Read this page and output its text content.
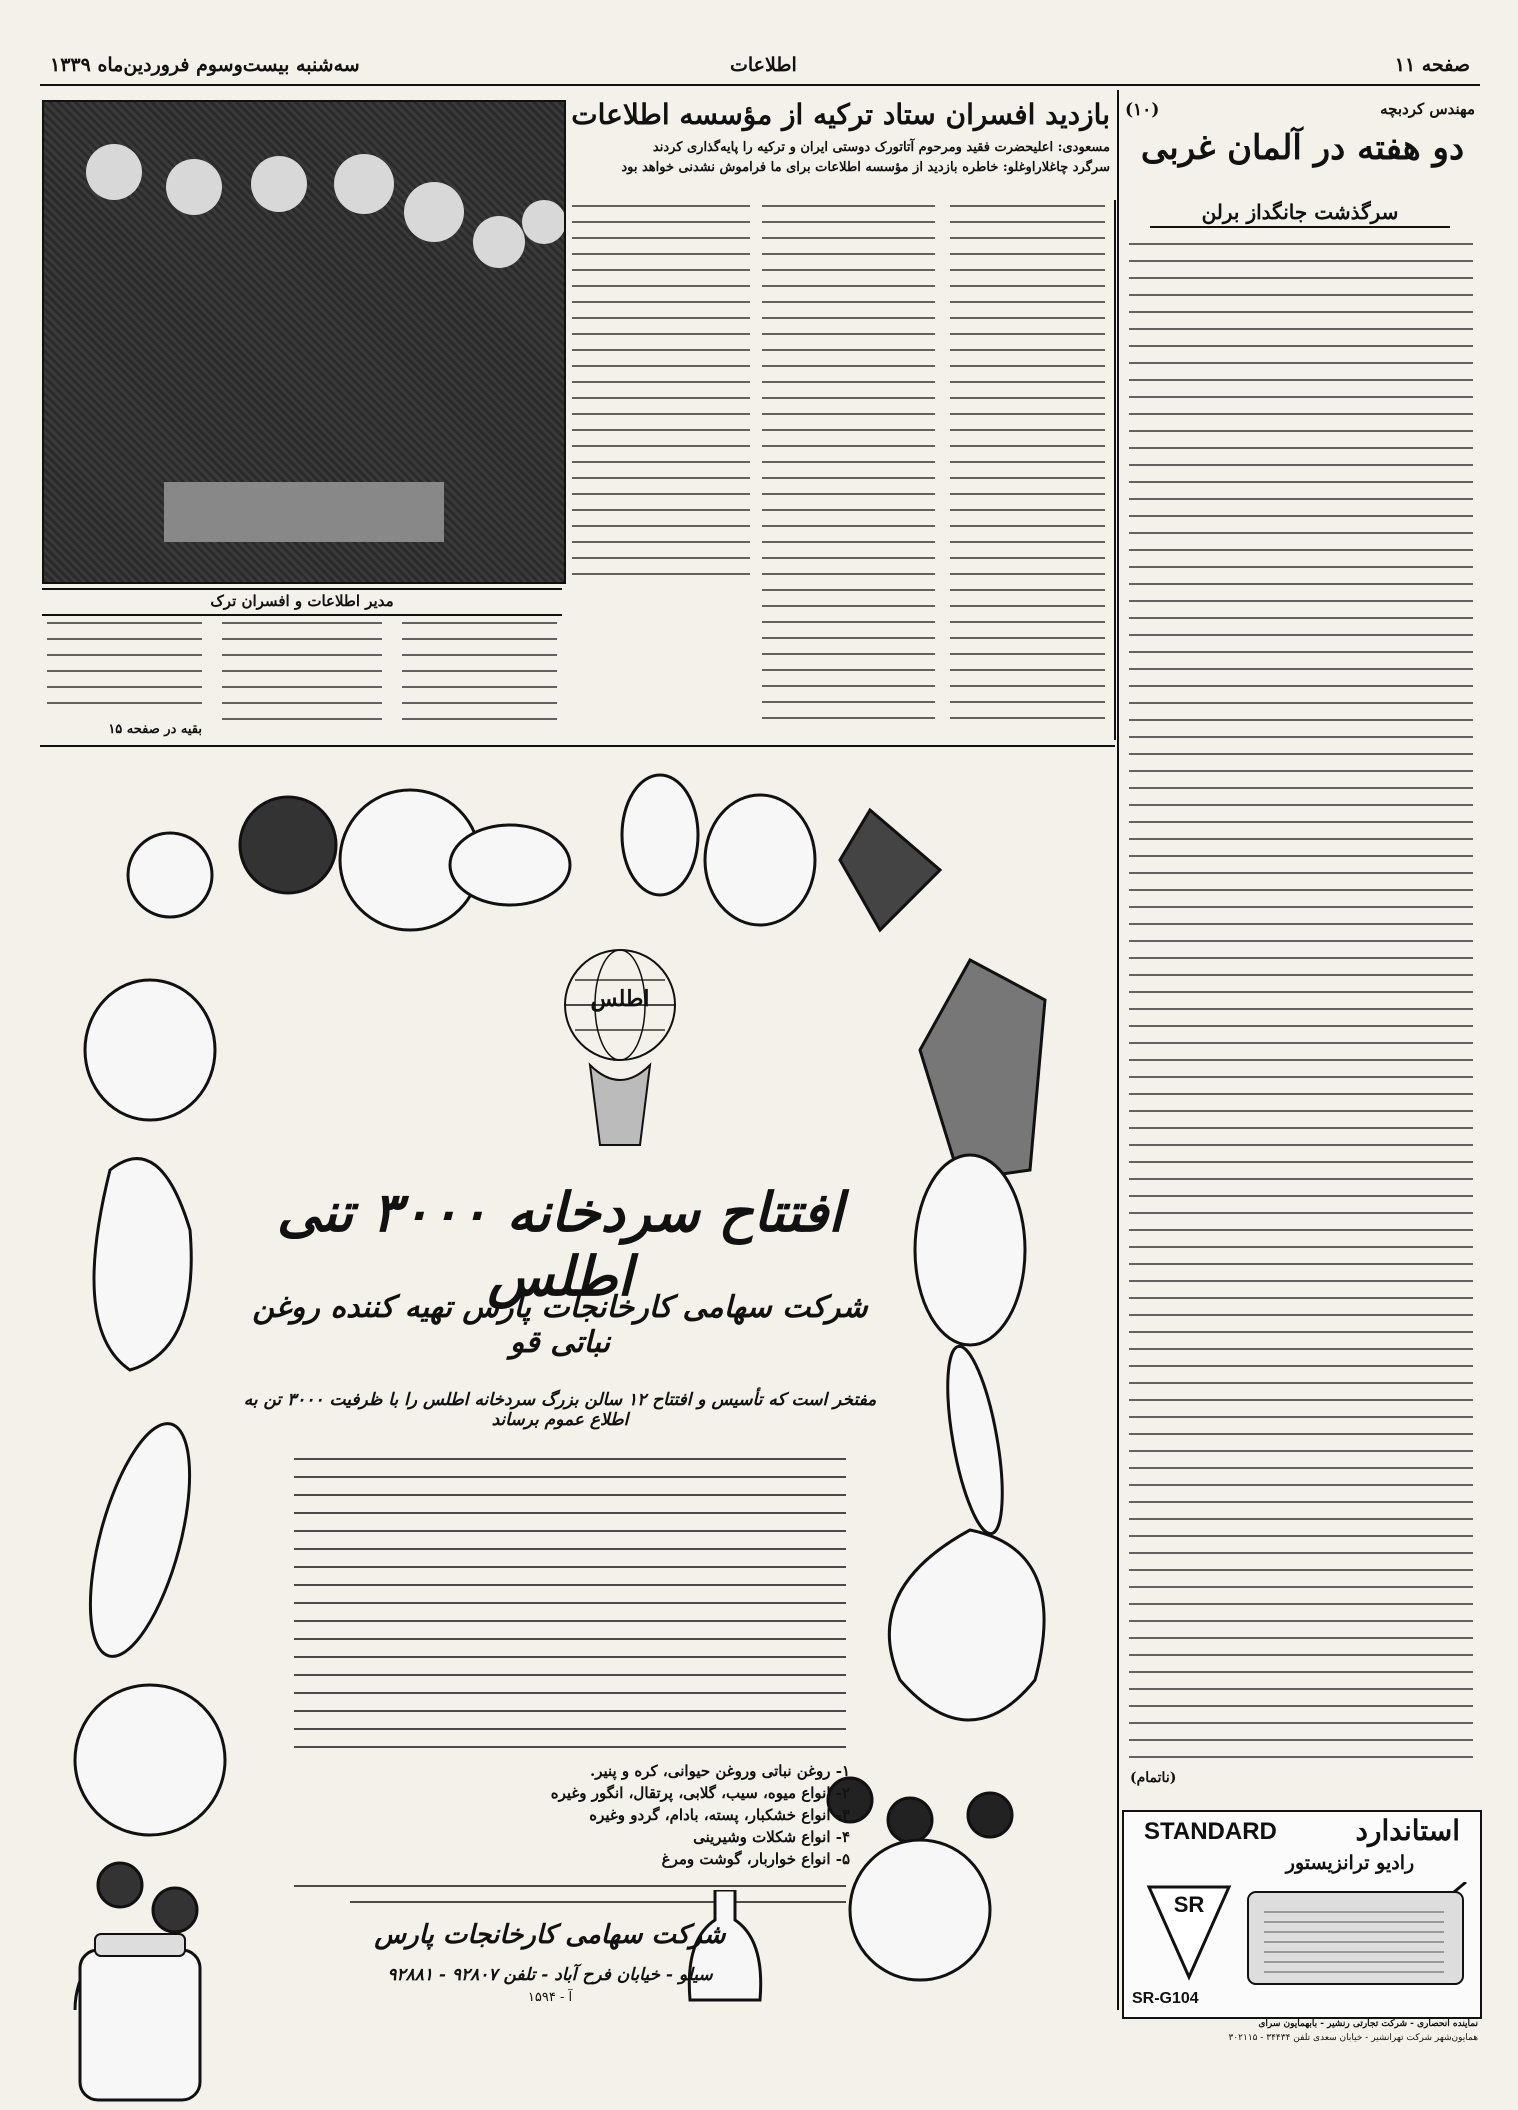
صفحه ۱۱
اطلاعات
سه‌شنبه بیست‌وسوم فروردین‌ماه ۱۳۳۹
مدیر اطلاعات و افسران ترک
بازدید افسران ستاد ترکیه از مؤسسه اطلاعات
مسعودی: اعلیحضرت فقید ومرحوم آتاتورک دوستی ایران و ترکیه را پایه‌گذاری کردند
سرگرد چاغلاراوغلو: خاطره بازدید از مؤسسه اطلاعات برای ما فراموش نشدنی خواهد بود
بقیه در صفحه ۱۵
(۱۰)	مهندس کردبچه
دو هفته در آلمان غربی
سرگذشت جانگداز برلن
(ناتمام)
STANDARD	استاندارد
رادیو ترانزیستور
SR
SR-G104
نماینده انحصاری - شرکت تجارتی رنشیر - بابهمایون سرای
همایون‌شهر شرکت تهرانشیر - خیابان سعدی تلفن ۳۴۴۳۴ - ۳۰۲۱۱۵
اطلس
افتتاح سردخانه ۳۰۰۰ تنی اطلس
شرکت سهامی کارخانجات پارس تهیه کننده روغن نباتی قو
مفتخر است که تأسیس و افتتاح ۱۲ سالن بزرگ سردخانه اطلس را با ظرفیت ۳۰۰۰ تن به اطلاع عموم برساند
۱- روغن نباتی وروغن حیوانی، کره و پنیر.
۲- انواع میوه، سیب، گلابی، پرتقال، انگور وغیره
۳- انواع خشکبار، پسته، بادام، گردو وغیره
۴- انواع شکلات وشیرینی
۵- انواع خواربار، گوشت ومرغ
شرکت سهامی کارخانجات پارس
سیلو - خیابان فرح آباد - تلفن ۹۲۸۰۷ - ۹۲۸۸۱
آ - ۱۵۹۴
